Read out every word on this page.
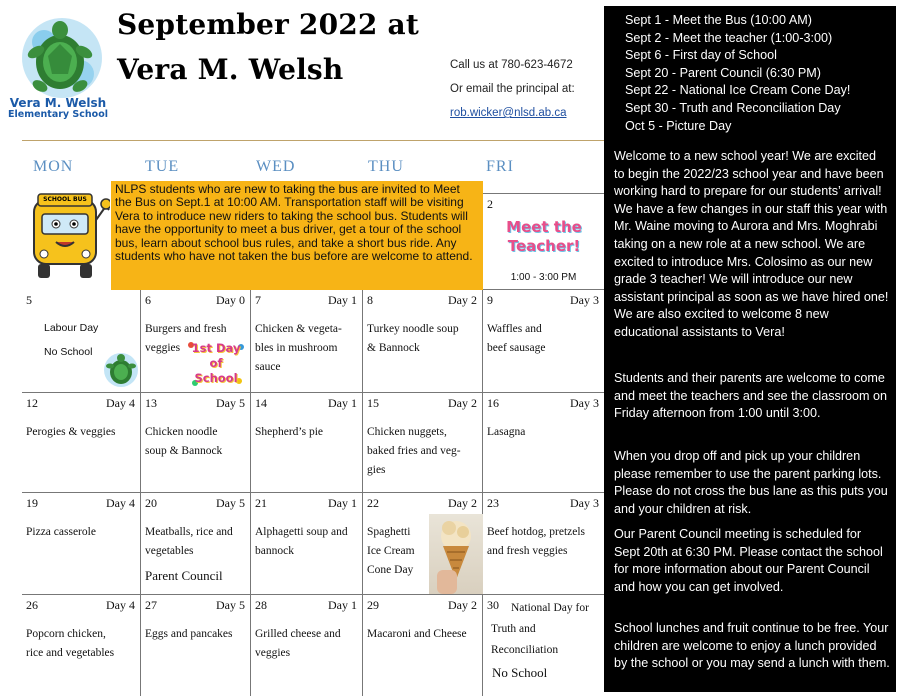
Vera M. Welsh
Elementary School
September 2022 at
Vera M. Welsh	Call us at 780-623-4672
Or email the principal at:
rob.wicker@nlsd.ab.ca
MON	TUE	WED	THU	FRI
SCHOOL BUS
NLPS students who are new to taking the bus are invited to Meet the Bus on Sept.1 at 10:00 AM. Transportation staff will be visiting Vera to introduce new riders to taking the school bus. Students will have the opportunity to meet a bus driver, get a tour of the school bus, learn about school bus rules, and take a short bus ride. Any students who have not taken the bus before are welcome to attend.
2
Meet the Teacher!
1:00 - 3:00 PM
5
Labour Day
No School
6	Day 0
Burgers and fresh
veggies
7	Day 1
Chicken & vegeta-
bles in mushroom
sauce
8	Day 2
Turkey noodle soup
& Bannock
9	Day 3
Waffles and
beef sausage
12	Day 4
Perogies & veggies
13	Day 5
Chicken noodle
soup & Bannock
14	Day 1
Shepherd’s pie
15	Day 2
Chicken nuggets,
baked fries and veg-
gies
16	Day 3
Lasagna
19	Day 4
Pizza casserole
20	Day 5
Meatballs, rice and
vegetables
Parent Council
21	Day 1
Alphagetti soup and
bannock
22	Day 2
Spaghetti
Ice Cream
Cone Day
23	Day 3
Beef hotdog, pretzels
and fresh veggies
26	Day 4
Popcorn chicken,
rice and vegetables
27	Day 5
Eggs and pancakes
28	Day 1
Grilled cheese and
veggies
29	Day 2
Macaroni and Cheese
30 National Day for
Truth and
Reconciliation
No School
1st Day of School
Sept 1 - Meet the Bus (10:00 AM)
Sept 2 - Meet the teacher (1:00-3:00)
Sept 6 - First day of School
Sept 20 - Parent Council (6:30 PM)
Sept 22 - National Ice Cream Cone Day!
Sept 30 - Truth and Reconciliation Day
Oct 5 - Picture Day
Welcome to a new school year! We are excited to begin the 2022/23 school year and have been working hard to prepare for our students’ arrival! We have a few changes in our staff this year with Mr. Waine moving to Aurora and Mrs. Moghrabi taking on a new role at a new school. We are excited to introduce Mrs. Colosimo as our new grade 3 teacher! We will introduce our new assistant principal as soon as we have hired one! We are also excited to welcome 8 new educational assistants to Vera!
Students and their parents are welcome to come and meet the teachers and see the classroom on Friday afternoon from 1:00 until 3:00.
When you drop off and pick up your children please remember to use the parent parking lots. Please do not cross the bus lane as this puts you and your children at risk.
Our Parent Council meeting is scheduled for Sept 20th at 6:30 PM. Please contact the school for more information about our Parent Council and how you can get involved.
School lunches and fruit continue to be free. Your children are welcome to enjoy a lunch provided by the school or you may send a lunch with them.
